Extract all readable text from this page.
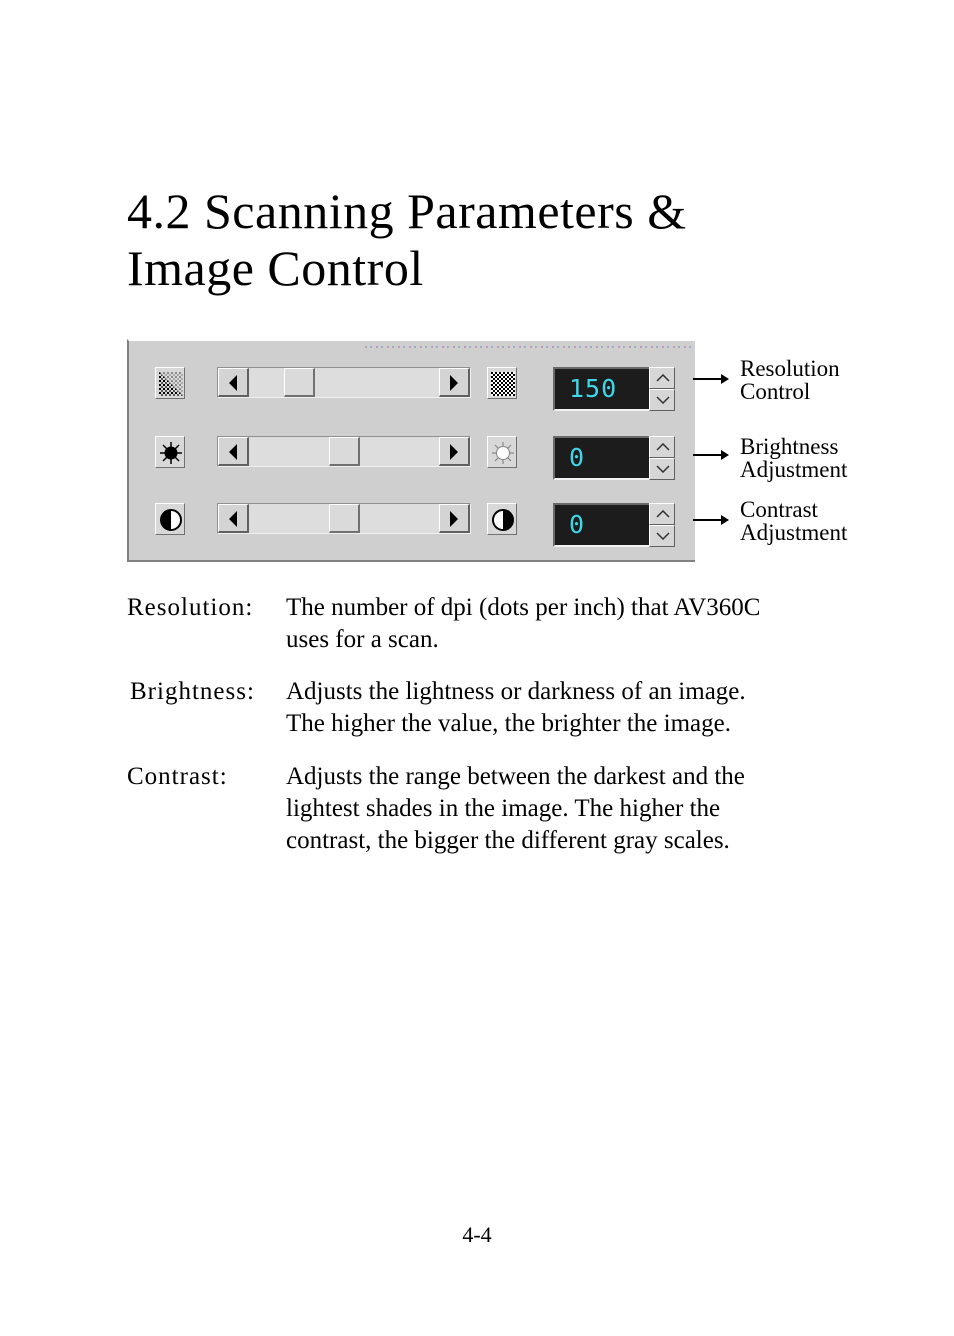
4.2 Scanning Parameters &
Image Control
150
0
0
Resolution
Control
Brightness
Adjustment
Contrast
Adjustment
Resolution: The number of dpi (dots per inch) that AV360C
uses for a scan.
Brightness: Adjusts the lightness or darkness of an image.
The higher the value, the brighter the image.
Contrast: Adjusts the range between the darkest and the
lightest shades in the image. The higher the
contrast, the bigger the different gray scales.
4-4
